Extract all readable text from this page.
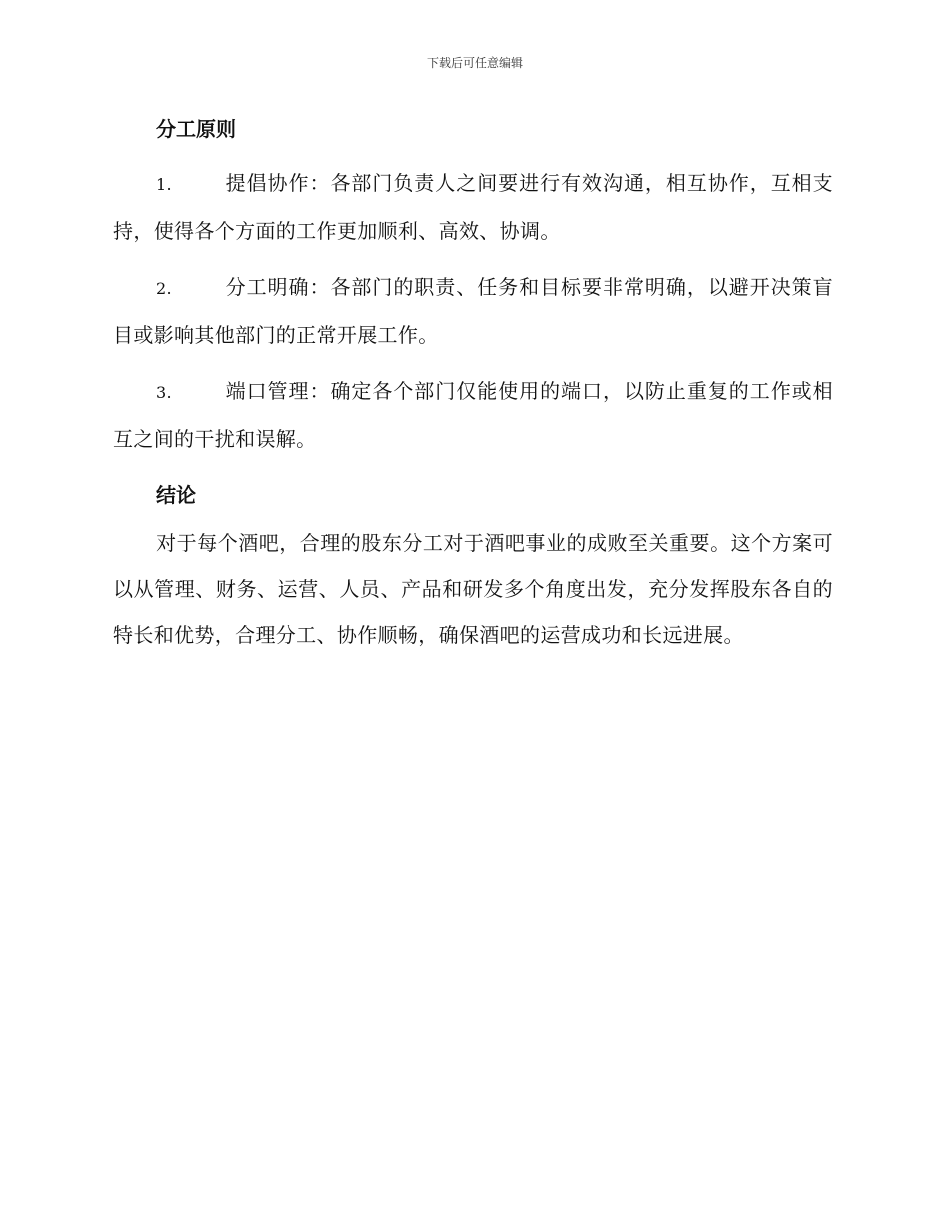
下载后可任意编辑
分工原则

1.	提倡协作：各部门负责人之间要进行有效沟通，相互协作，互相支持，使得各个方面的工作更加顺利、高效、协调。

2.	分工明确：各部门的职责、任务和目标要非常明确，以避开决策盲目或影响其他部门的正常开展工作。

3.	端口管理：确定各个部门仅能使用的端口，以防止重复的工作或相互之间的干扰和误解。

结论

对于每个酒吧，合理的股东分工对于酒吧事业的成败至关重要。这个方案可以从管理、财务、运营、人员、产品和研发多个角度出发，充分发挥股东各自的特长和优势，合理分工、协作顺畅，确保酒吧的运营成功和长远进展。
